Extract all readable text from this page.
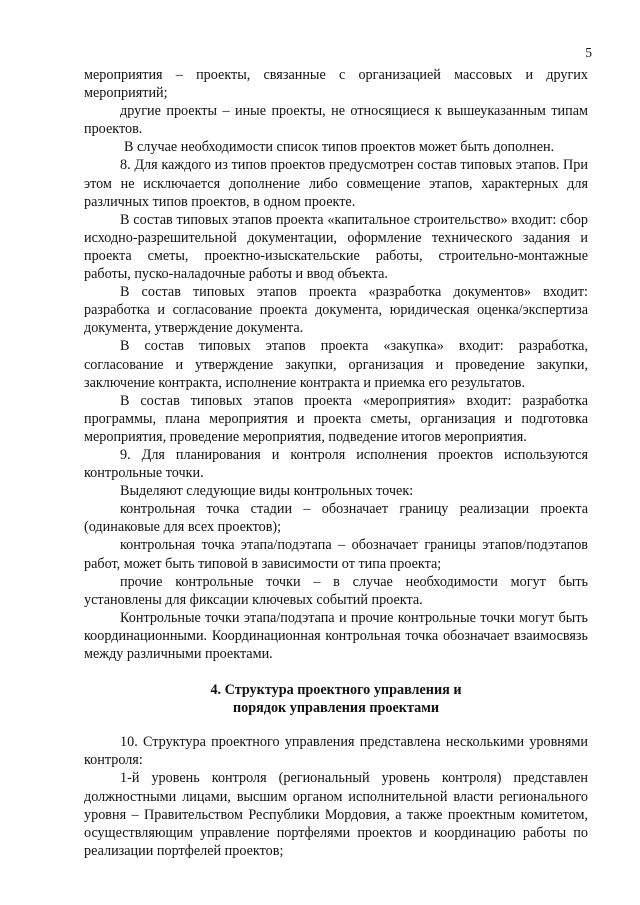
5

мероприятия – проекты, связанные с организацией массовых и других мероприятий;

другие проекты – иные проекты, не относящиеся к вышеуказанным типам проектов.

В случае необходимости список типов проектов может быть дополнен.

8. Для каждого из типов проектов предусмотрен состав типовых этапов. При этом не исключается дополнение либо совмещение этапов, характерных для различных типов проектов, в одном проекте.

В состав типовых этапов проекта «капитальное строительство» входит: сбор исходно-разрешительной документации, оформление технического задания и проекта сметы, проектно-изыскательские работы, строительно-монтажные работы, пуско-наладочные работы и ввод объекта.

В состав типовых этапов проекта «разработка документов» входит: разработка и согласование проекта документа, юридическая оценка/экспертиза документа, утверждение документа.

В состав типовых этапов проекта «закупка» входит: разработка, согласование и утверждение закупки, организация и проведение закупки, заключение контракта, исполнение контракта и приемка его результатов.

В состав типовых этапов проекта «мероприятия» входит: разработка программы, плана мероприятия и проекта сметы, организация и подготовка мероприятия, проведение мероприятия, подведение итогов мероприятия.

9. Для планирования и контроля исполнения проектов используются контрольные точки.

Выделяют следующие виды контрольных точек:

контрольная точка стадии – обозначает границу реализации проекта (одинаковые для всех проектов);

контрольная точка этапа/подэтапа – обозначает границы этапов/подэтапов работ, может быть типовой в зависимости от типа проекта;

прочие контрольные точки – в случае необходимости могут быть установлены для фиксации ключевых событий проекта.

Контрольные точки этапа/подэтапа и прочие контрольные точки могут быть координационными. Координационная контрольная точка обозначает взаимосвязь между различными проектами.

4. Структура проектного управления и
порядок управления проектами

10. Структура проектного управления представлена несколькими уровнями контроля:

1-й уровень контроля (региональный уровень контроля) представлен должностными лицами, высшим органом исполнительной власти регионального уровня – Правительством Республики Мордовия, а также проектным комитетом, осуществляющим управление портфелями проектов и координацию работы по реализации портфелей проектов;
